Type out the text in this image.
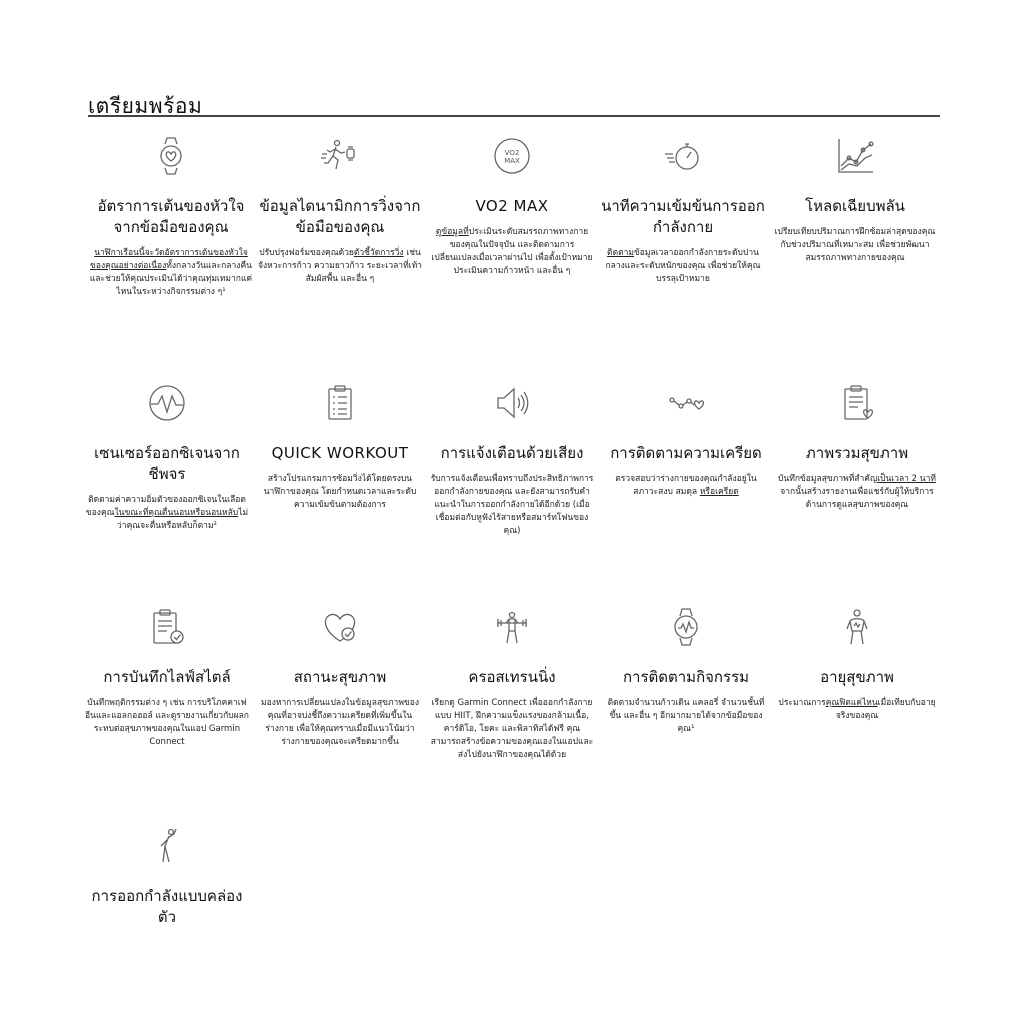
เตรียมพร้อม
อัตราการเต้นของหัวใจจากข้อมือของคุณ
นาฬิกาเรือนนี้จะวัดอัตราการเต้นของหัวใจของคุณอย่างต่อเนื่องทั้งกลางวันและกลางคืน และช่วยให้คุณประเมินได้ว่าคุณทุ่มเทมากแค่ไหนในระหว่างกิจกรรมต่าง ๆ¹
ข้อมูลไดนามิกการวิ่งจากข้อมือของคุณ
ปรับปรุงฟอร์มของคุณด้วยตัวชี้วัดการวิ่ง เช่น จังหวะการก้าว ความยาวก้าว ระยะเวลาที่เท้าสัมผัสพื้น และอื่น ๆ
VO2
MAX
VO2 MAX
ดูข้อมูลที่ประเมินระดับสมรรถภาพทางกายของคุณในปัจจุบัน และติดตามการเปลี่ยนแปลงเมื่อเวลาผ่านไป เพื่อตั้งเป้าหมาย ประเมินความก้าวหน้า และอื่น ๆ
นาทีความเข้มข้นการออกกำลังกาย
ติดตามข้อมูลเวลาออกกำลังกายระดับปานกลางและระดับหนักของคุณ เพื่อช่วยให้คุณบรรลุเป้าหมาย
โหลดเฉียบพลัน
เปรียบเทียบปริมาณการฝึกซ้อมล่าสุดของคุณกับช่วงปริมาณที่เหมาะสม เพื่อช่วยพัฒนาสมรรถภาพทางกายของคุณ
เซนเซอร์ออกซิเจนจากชีพจร
ติดตามค่าความอิ่มตัวของออกซิเจนในเลือดของคุณในขณะที่คุณตื่นนอนหรือนอนหลับไม่ว่าคุณจะตื่นหรือหลับก็ตาม²
QUICK WORKOUT
สร้างโปรแกรมการซ้อมวิ่งได้โดยตรงบนนาฬิกาของคุณ โดยกำหนดเวลาและระดับความเข้มข้นตามต้องการ
การแจ้งเตือนด้วยเสียง
รับการแจ้งเตือนเพื่อทราบถึงประสิทธิภาพการออกกำลังกายของคุณ และยังสามารถรับคำแนะนำในการออกกำลังกายได้อีกด้วย (เมื่อเชื่อมต่อกับหูฟังไร้สายหรือสมาร์ทโฟนของคุณ)
การติดตามความเครียด
ตรวจสอบว่าร่างกายของคุณกำลังอยู่ในสภาวะสงบ สมดุล หรือเครียด
ภาพรวมสุขภาพ
บันทึกข้อมูลสุขภาพที่สำคัญเป็นเวลา 2 นาทีจากนั้นสร้างรายงานเพื่อแชร์กับผู้ให้บริการด้านการดูแลสุขภาพของคุณ
การบันทึกไลฟ์สไตล์
บันทึกพฤติกรรมต่าง ๆ เช่น การบริโภคคาเฟอีนและแอลกอฮอล์ และดูรายงานเกี่ยวกับผลกระทบต่อสุขภาพของคุณในแอป Garmin Connect
สถานะสุขภาพ
มองหาการเปลี่ยนแปลงในข้อมูลสุขภาพของคุณที่อาจบ่งชี้ถึงความเครียดที่เพิ่มขึ้นในร่างกาย เพื่อให้คุณทราบเมื่อมีแนวโน้มว่าร่างกายของคุณจะเครียดมากขึ้น
ครอสเทรนนิ่ง
เรียกดู Garmin Connect เพื่อออกกำลังกายแบบ HIIT, ฝึกความแข็งแรงของกล้ามเนื้อ, คาร์ดิโอ, โยคะ และพิลาทิสได้ฟรี คุณสามารถสร้างข้อความของคุณเองในแอปและส่งไปยังนาฬิกาของคุณได้ด้วย
การติดตามกิจกรรม
ติดตามจำนวนก้าวเดิน แคลอรี่ จำนวนชั้นที่ขึ้น และอื่น ๆ อีกมากมายได้จากข้อมือของคุณ¹
อายุสุขภาพ
ประมาณการคุณฟิตแค่ไหนเมื่อเทียบกับอายุจริงของคุณ
การออกกำลังแบบคล่องตัว
